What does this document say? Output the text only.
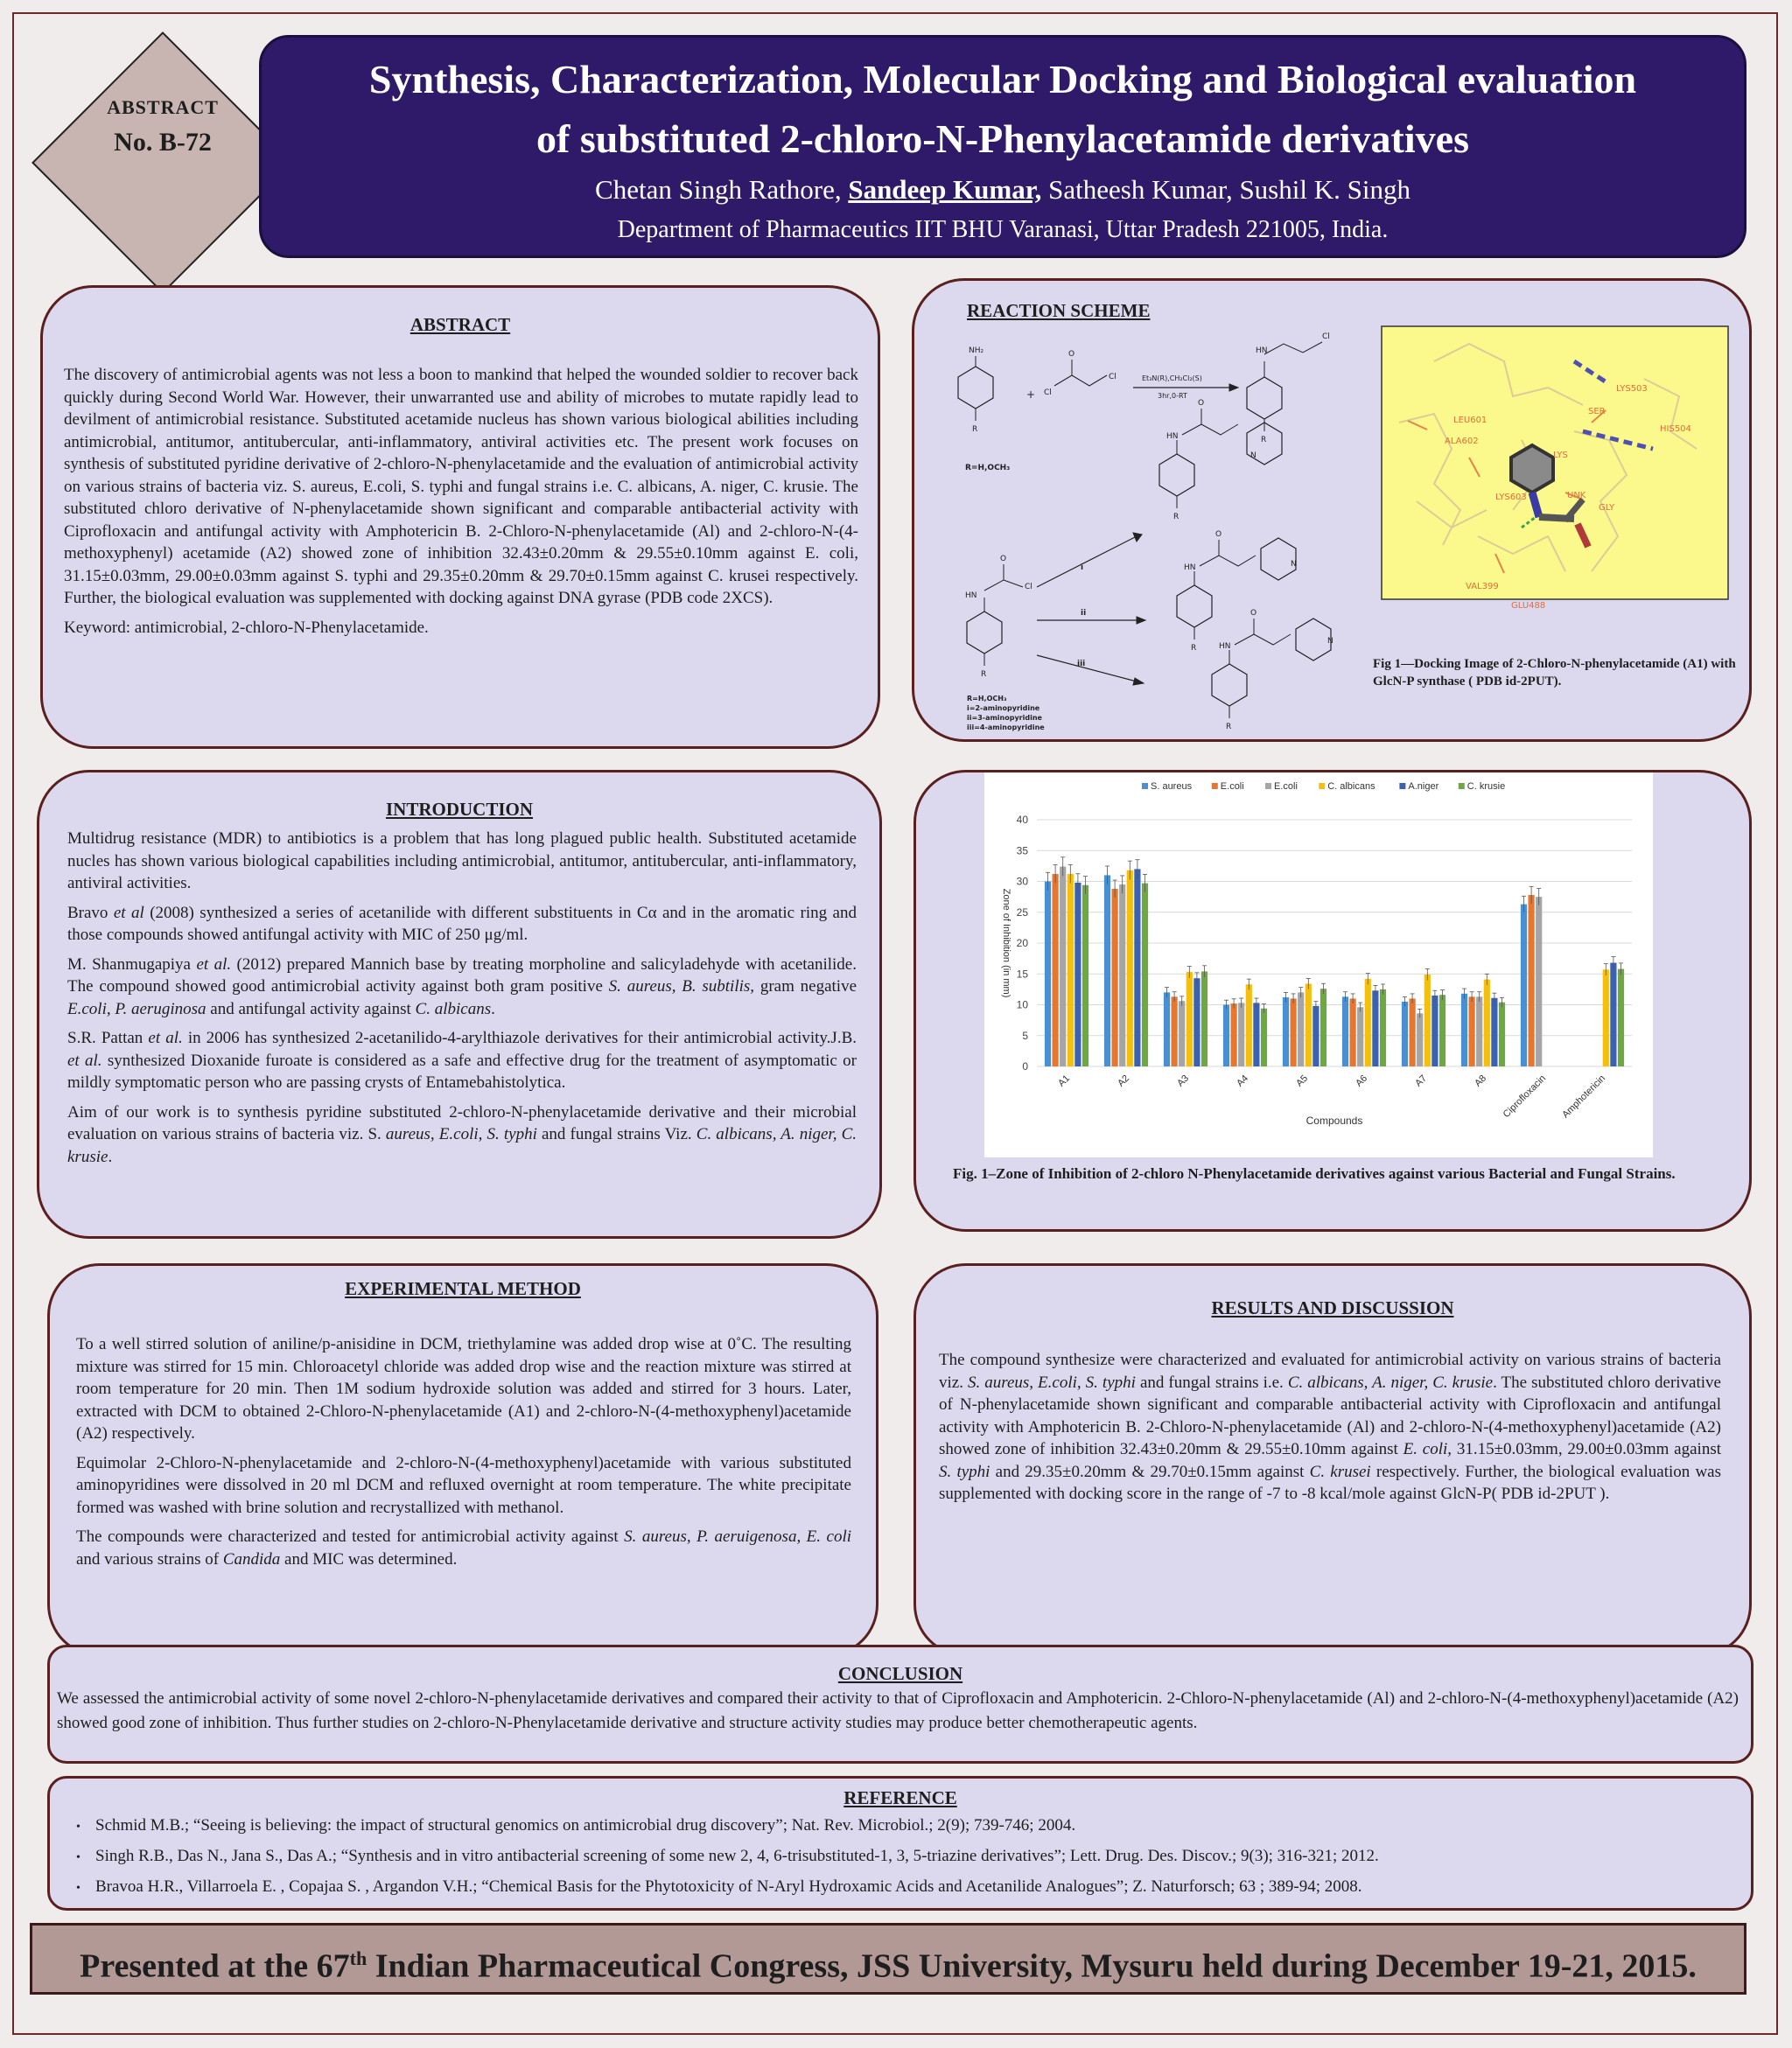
ABSTRACT
No. B-72
Synthesis, Characterization, Molecular Docking and Biological evaluation
of substituted 2-chloro-N-Phenylacetamide derivatives
Chetan Singh Rathore, Sandeep Kumar, Satheesh Kumar, Sushil K. Singh
Department of Pharmaceutics IIT BHU Varanasi, Uttar Pradesh 221005, India.
ABSTRACT

The discovery of antimicrobial agents was not less a boon to mankind that helped the wounded soldier to recover back quickly during Second World War. However, their unwarranted use and ability of microbes to mutate rapidly lead to devilment of antimicrobial resistance. Substituted acetamide nucleus has shown various biological abilities including antimicrobial, antitumor, antitubercular, anti-inflammatory, antiviral activities etc. The present work focuses on synthesis of substituted pyridine derivative of 2-chloro-N-phenylacetamide and the evaluation of antimicrobial activity on various strains of bacteria viz. S. aureus, E.coli, S. typhi and fungal strains i.e. C. albicans, A. niger, C. krusie. The substituted chloro derivative of N-phenylacetamide shown significant and comparable antibacterial activity with Ciprofloxacin and antifungal activity with Amphotericin B. 2-Chloro-N-phenylacetamide (Al) and 2-chloro-N-(4-methoxyphenyl) acetamide (A2) showed zone of inhibition 32.43±0.20mm & 29.55±0.10mm against E. coli, 31.15±0.03mm, 29.00±0.03mm against S. typhi and 29.35±0.20mm & 29.70±0.15mm against C. krusei respectively. Further, the biological evaluation was supplemented with docking against DNA gyrase (PDB code 2XCS).

Keyword: antimicrobial, 2-chloro-N-Phenylacetamide.

REACTION SCHEME
NH₂
R
R=H,OCH₃
+
O
Cl
Cl	Et₃N(R),CH₂Cl₂(S)
3hr,0-RT
HN
Cl
R
HN
O
Cl
R
i
ii
iii
HN
O
N
R
HN
O
N
R	HN
O
N
R
R=H,OCH₃
i=2-aminopyridine
ii=3-aminopyridine
iii=4-aminopyridine
LYS503
LEU601
ALA602
SER
HIS504
LYS
LYS603	UNK
GLY
VAL399
GLU488
Fig 1—Docking Image of 2-Chloro-N-phenylacetamide (A1) with GlcN-P synthase ( PDB id-2PUT).
INTRODUCTION

Multidrug resistance (MDR) to antibiotics is a problem that has long plagued public health. Substituted acetamide nucles has shown various biological capabilities including antimicrobial, antitumor, antitubercular, anti-inflammatory, antiviral activities.

Bravo et al (2008) synthesized a series of acetanilide with different substituents in Cα and in the aromatic ring and those compounds showed antifungal activity with MIC of 250 μg/ml.

M. Shanmugapiya et al. (2012) prepared Mannich base by treating morpholine and salicyladehyde with acetanilide. The compound showed good antimicrobial activity against both gram positive S. aureus, B. subtilis, gram negative E.coli, P. aeruginosa and antifungal activity against C. albicans.

S.R. Pattan et al. in 2006 has synthesized 2-acetanilido-4-arylthiazole derivatives for their antimicrobial activity.J.B. et al. synthesized Dioxanide furoate is considered as a safe and effective drug for the treatment of asymptomatic or mildly symptomatic person who are passing crysts of Entamebahistolytica.

Aim of our work is to synthesis pyridine substituted 2-chloro-N-phenylacetamide derivative and their microbial evaluation on various strains of bacteria viz. S. aureus, E.coli, S. typhi and fungal strains Viz. C. albicans, A. niger, C. krusie.

0
5
10
15
20
25
30
35
40
Zone of Inhibition (in mm)
Compounds
A1	A2	A3	A4	A5	A6	A7	A8 Ciprofloxacin Amphotericin
S. aureus	E.coli	E.coli	C. albicans	A.niger	C. krusie
Fig. 1–Zone of Inhibition of 2-chloro N-Phenylacetamide derivatives against various Bacterial and Fungal Strains.
EXPERIMENTAL METHOD

To a well stirred solution of aniline/p-anisidine in DCM, triethylamine was added drop wise at 0˚C. The resulting mixture was stirred for 15 min. Chloroacetyl chloride was added drop wise and the reaction mixture was stirred at room temperature for 20 min. Then 1M sodium hydroxide solution was added and stirred for 3 hours. Later, extracted with DCM to obtained 2-Chloro-N-phenylacetamide (A1) and 2-chloro-N-(4-methoxyphenyl)acetamide (A2) respectively.

Equimolar 2-Chloro-N-phenylacetamide and 2-chloro-N-(4-methoxyphenyl)acetamide with various substituted aminopyridines were dissolved in 20 ml DCM and refluxed overnight at room temperature. The white precipitate formed was washed with brine solution and recrystallized with methanol.

The compounds were characterized and tested for antimicrobial activity against S. aureus, P. aeruigenosa, E. coli and various strains of Candida and MIC was determined.

RESULTS AND DISCUSSION

The compound synthesize were characterized and evaluated for antimicrobial activity on various strains of bacteria viz. S. aureus, E.coli, S. typhi and fungal strains i.e. C. albicans, A. niger, C. krusie. The substituted chloro derivative of N-phenylacetamide shown significant and comparable antibacterial activity with Ciprofloxacin and antifungal activity with Amphotericin B. 2-Chloro-N-phenylacetamide (Al) and 2-chloro-N-(4-methoxyphenyl)acetamide (A2) showed zone of inhibition 32.43±0.20mm & 29.55±0.10mm against E. coli, 31.15±0.03mm, 29.00±0.03mm against S. typhi and 29.35±0.20mm & 29.70±0.15mm against C. krusei respectively. Further, the biological evaluation was supplemented with docking score in the range of -7 to -8 kcal/mole against GlcN-P( PDB id-2PUT ).

CONCLUSION
We assessed the antimicrobial activity of some novel 2-chloro-N-phenylacetamide derivatives and compared their activity to that of Ciprofloxacin and Amphotericin. 2-Chloro-N-phenylacetamide (Al) and 2-chloro-N-(4-methoxyphenyl)acetamide (A2) showed good zone of inhibition. Thus further studies on 2-chloro-N-Phenylacetamide derivative and structure activity studies may produce better chemotherapeutic agents.
REFERENCE
• Schmid M.B.; “Seeing is believing: the impact of structural genomics on antimicrobial drug discovery”; Nat. Rev. Microbiol.; 2(9); 739-746; 2004.
• Singh R.B., Das N., Jana S., Das A.; “Synthesis and in vitro antibacterial screening of some new 2, 4, 6-trisubstituted-1, 3, 5-triazine derivatives”; Lett. Drug. Des. Discov.; 9(3); 316-321; 2012.
• Bravoa H.R., Villarroela E. , Copajaa S. , Argandon V.H.; “Chemical Basis for the Phytotoxicity of N-Aryl Hydroxamic Acids and Acetanilide Analogues”; Z. Naturforsch; 63 ; 389-94; 2008.
Presented at the 67th Indian Pharmaceutical Congress, JSS University, Mysuru held during December 19-21, 2015.
